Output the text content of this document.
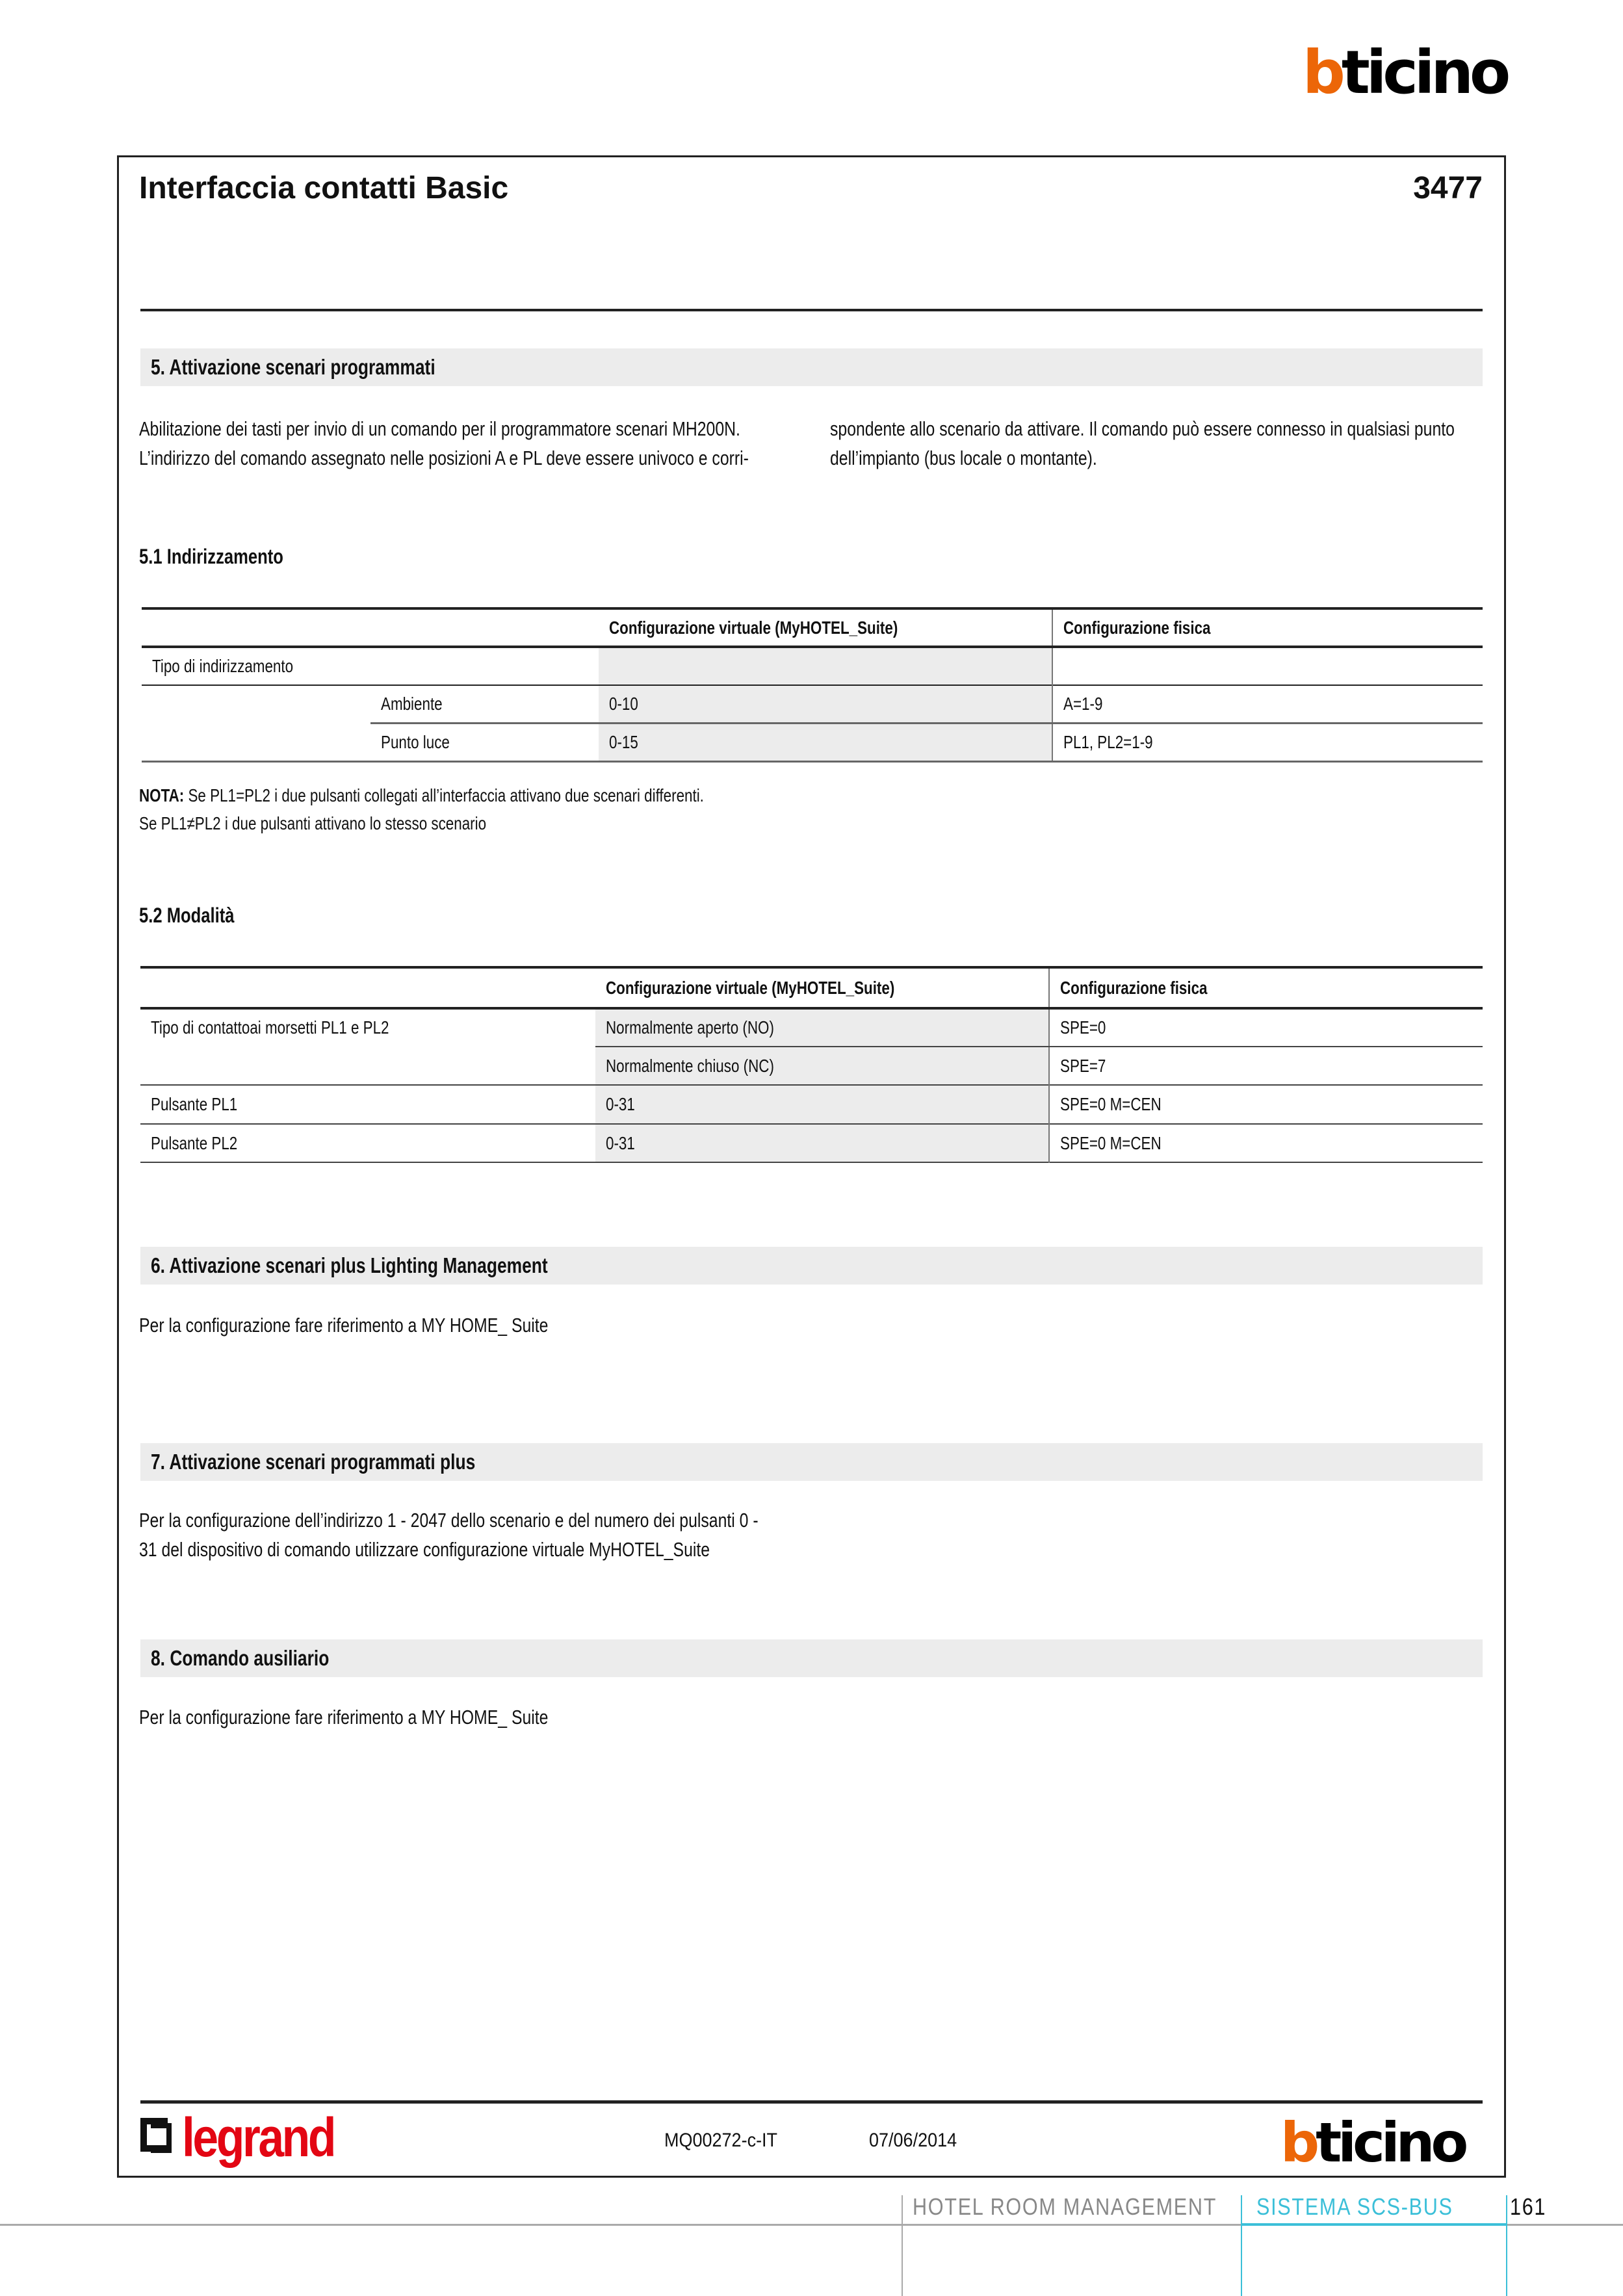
bticino
Interfaccia contatti Basic	3477
5. Attivazione scenari programmati
Abilitazione dei tasti per invio di un comando per il programmatore scenari MH200N.
L’indirizzo del comando assegnato nelle posizioni A e PL deve essere univoco e corri-
spondente allo scenario da attivare. Il comando può essere connesso in qualsiasi punto
dell’impianto (bus locale o montante).
5.1 Indirizzamento
		Configurazione virtuale (MyHOTEL_Suite)	Configurazione fisica
Tipo di indirizzamento			
	Ambiente	0-10	A=1-9
	Punto luce	0-15	PL1, PL2=1-9
NOTA: Se PL1=PL2 i due pulsanti collegati all’interfaccia attivano due scenari differenti.
Se PL1≠PL2 i due pulsanti attivano lo stesso scenario
5.2 Modalità
	Configurazione virtuale (MyHOTEL_Suite)	Configurazione fisica
Tipo di contattoai morsetti PL1 e PL2	Normalmente aperto (NO)	SPE=0
	Normalmente chiuso (NC)	SPE=7
Pulsante PL1	0-31	SPE=0 M=CEN
Pulsante PL2	0-31	SPE=0 M=CEN
6. Attivazione scenari plus Lighting Management
Per la configurazione fare riferimento a MY HOME_ Suite
7. Attivazione scenari programmati plus
Per la configurazione dell’indirizzo 1 - 2047 dello scenario e del numero dei pulsanti 0 -
31 del dispositivo di comando utilizzare configurazione virtuale MyHOTEL_Suite
8. Comando ausiliario
Per la configurazione fare riferimento a MY HOME_ Suite
legrand	MQ00272-c-IT	07/06/2014	bticino
HOTEL ROOM MANAGEMENT	SISTEMA SCS-BUS	161
